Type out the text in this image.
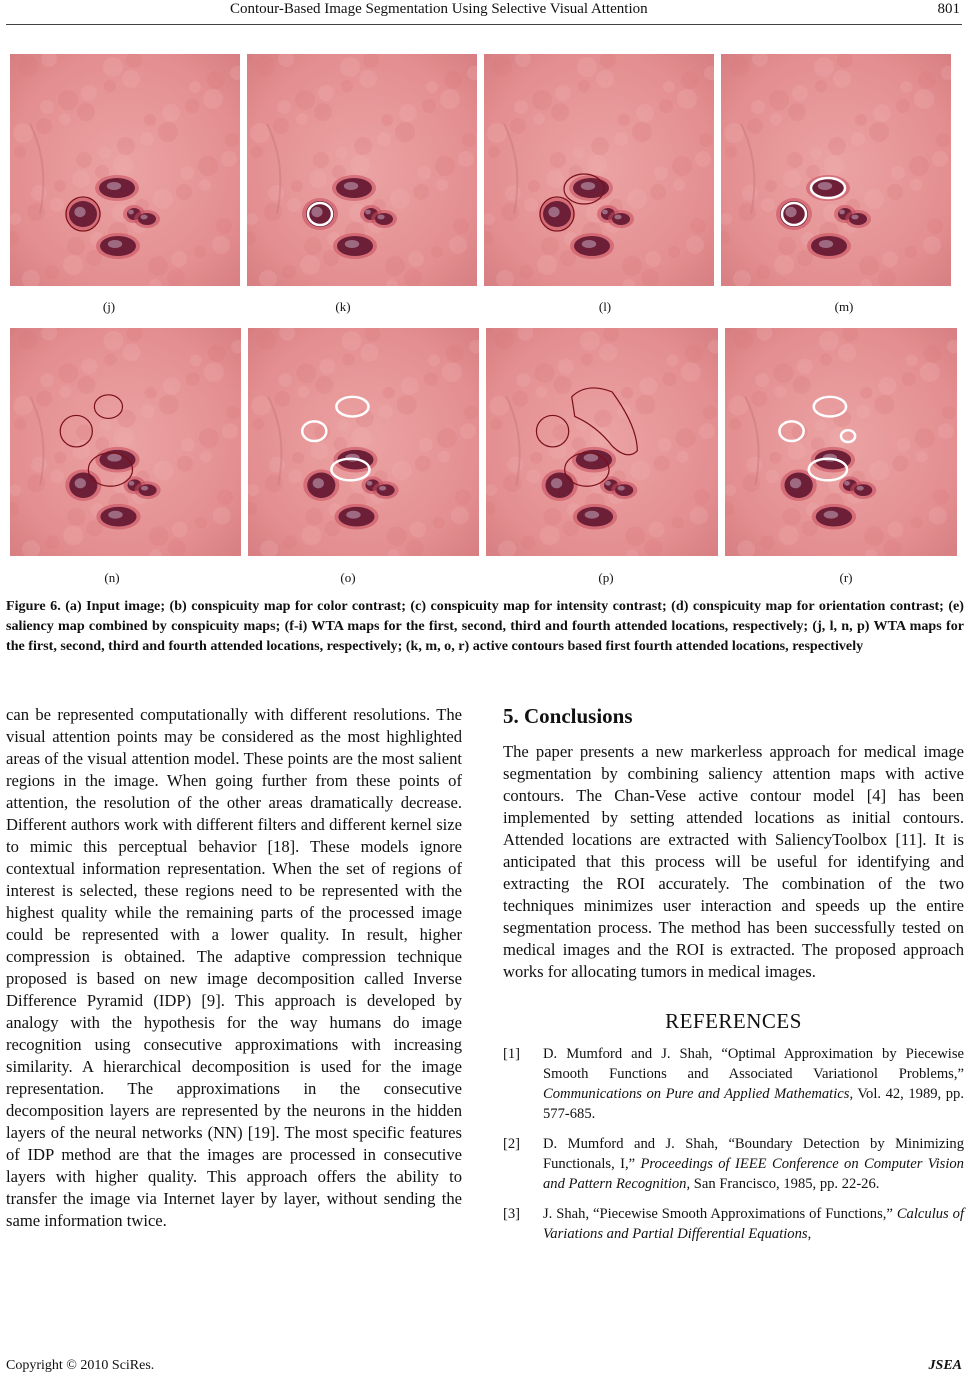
Contour-Based Image Segmentation Using Selective Visual Attention	801
(j)	(k)	(l)	(m)
(n)	(o)	(p)	(r)
Figure 6. (a) Input image; (b) conspicuity map for color contrast; (c) conspicuity map for intensity contrast; (d) conspicuity map for orientation contrast; (e) saliency map combined by conspicuity maps; (f-i) WTA maps for the first, second, third and fourth attended locations, respectively; (j, l, n, p) WTA maps for the first, second, third and fourth attended locations, respectively; (k, m, o, r) active contours based first fourth attended locations, respectively
can be represented computationally with different resolutions. The visual attention points may be considered as the most highlighted areas of the visual attention model. These points are the most salient regions in the image. When going further from these points of attention, the resolution of the other areas dramatically decrease. Different authors work with different filters and different kernel size to mimic this perceptual behavior [18]. These models ignore contextual information representation. When the set of regions of interest is selected, these regions need to be represented with the highest quality while the remaining parts of the processed image could be represented with a lower quality. In result, higher compression is obtained. The adaptive compression technique proposed is based on new image decomposition called Inverse Difference Pyramid (IDP) [9]. This approach is developed by analogy with the hypothesis for the way humans do image recognition using consecutive approximations with increasing similarity. A hierarchical decomposition is used for the image representation. The approximations in the consecutive decomposition layers are represented by the neurons in the hidden layers of the neural networks (NN) [19]. The most specific features of IDP method are that the images are processed in consecutive layers with higher quality. This approach offers the ability to transfer the image via Internet layer by layer, without sending the same information twice.
5. Conclusions

The paper presents a new markerless approach for medical image segmentation by combining saliency attention maps with active contours. The Chan-Vese active contour model [4] has been implemented by setting attended locations as initial contours. Attended locations are extracted with SaliencyToolbox [11]. It is anticipated that this process will be useful for identifying and extracting the ROI accurately. The combination of the two techniques minimizes user interaction and speeds up the entire segmentation process. The method has been successfully tested on medical images and the ROI is extracted. The proposed approach works for allocating tumors in medical images.

REFERENCES
[1] D. Mumford and J. Shah, “Optimal Approximation by Piecewise Smooth Functions and Associated Variationol Problems,” Communications on Pure and Applied Mathematics, Vol. 42, 1989, pp. 577-685.
[2] D. Mumford and J. Shah, “Boundary Detection by Minimizing Functionals, I,” Proceedings of IEEE Conference on Computer Vision and Pattern Recognition, San Francisco, 1985, pp. 22-26.
[3] J. Shah, “Piecewise Smooth Approximations of Functions,” Calculus of Variations and Partial Differential Equations,
Copyright © 2010 SciRes.	JSEA
